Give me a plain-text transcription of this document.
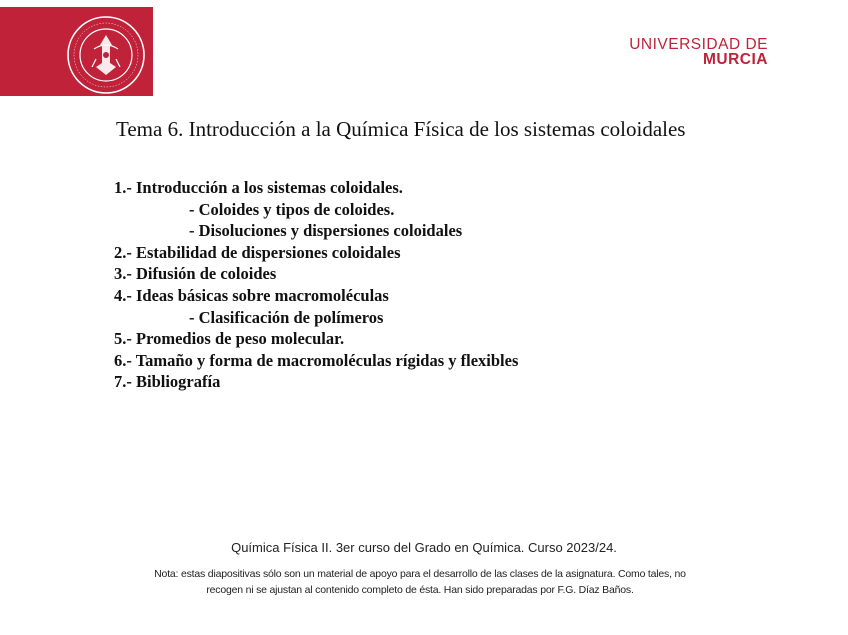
UNIVERSIDAD DE
MURCIA
Tema 6. Introducción a la Química Física de los sistemas coloidales
1.- Introducción a los sistemas coloidales.
- Coloides y tipos de coloides.
- Disoluciones y dispersiones coloidales
2.- Estabilidad de dispersiones coloidales
3.- Difusión de coloides
4.- Ideas básicas sobre macromoléculas
- Clasificación de polímeros
5.- Promedios de peso molecular.
6.- Tamaño y forma de macromoléculas rígidas y flexibles
7.- Bibliografía
Química Física II. 3er curso del Grado en Química. Curso 2023/24.
Nota: estas diapositivas sólo son un material de apoyo para el desarrollo de las clases de la asignatura. Como tales, no
recogen ni se ajustan al contenido completo de ésta. Han sido preparadas por F.G. Díaz Baños.
